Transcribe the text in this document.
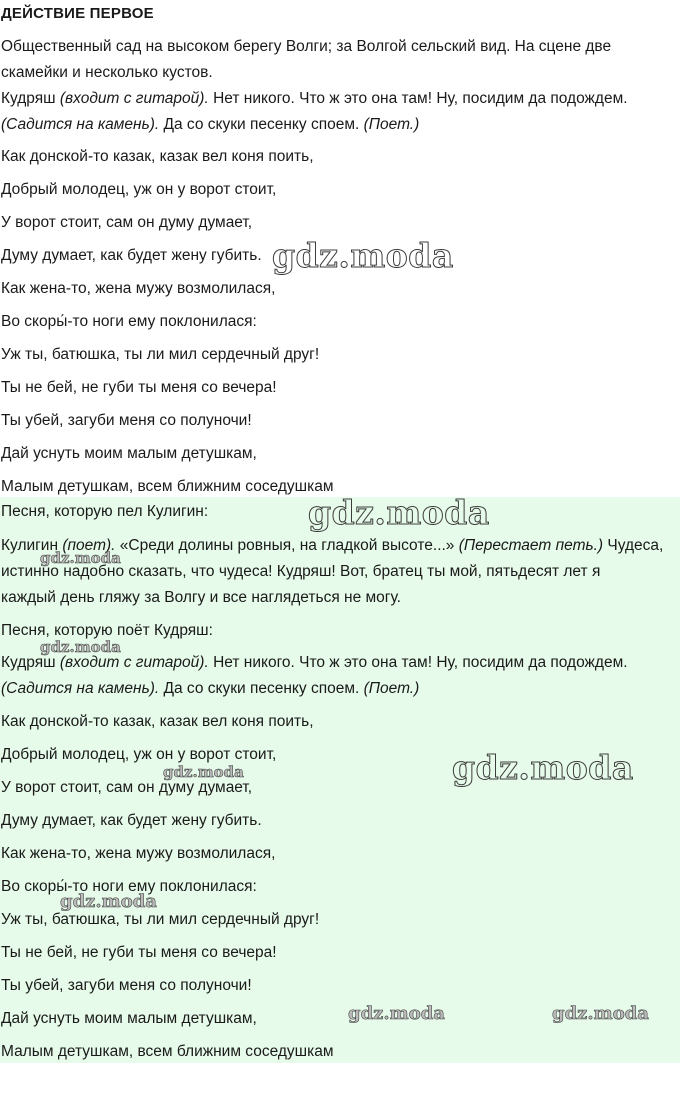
ДЕЙСТВИЕ ПЕРВОЕ
Общественный сад на высоком берегу Волги; за Волгой сельский вид. На сцене две
скамейки и несколько кустов.
Кудряш (входит с гитарой). Нет никого. Что ж это она там! Ну, посидим да подождем.
(Садится на камень). Да со скуки песенку споем. (Поет.)
Как донской-то казак, казак вел коня поить,
Добрый молодец, уж он у ворот стоит,
У ворот стоит, сам он думу думает,
Думу думает, как будет жену губить.
Как жена-то, жена мужу возмолилася,
Во скоры́-то ноги ему поклонилася:
Уж ты, батюшка, ты ли мил сердечный друг!
Ты не бей, не губи ты меня со вечера!
Ты убей, загуби меня со полуночи!
Дай уснуть моим малым детушкам,
Малым детушкам, всем ближним соседушкам
Песня, которую пел Кулигин:
Кулигин (поет). «Среди долины ровныя, на гладкой высоте...» (Перестает петь.) Чудеса,
истинно надобно сказать, что чудеса! Кудряш! Вот, братец ты мой, пятьдесят лет я
каждый день гляжу за Волгу и все наглядеться не могу.
Песня, которую поёт Кудряш:
Кудряш (входит с гитарой). Нет никого. Что ж это она там! Ну, посидим да подождем.
(Садится на камень). Да со скуки песенку споем. (Поет.)
Как донской-то казак, казак вел коня поить,
Добрый молодец, уж он у ворот стоит,
У ворот стоит, сам он думу думает,
Думу думает, как будет жену губить.
Как жена-то, жена мужу возмолилася,
Во скоры́-то ноги ему поклонилася:
Уж ты, батюшка, ты ли мил сердечный друг!
Ты не бей, не губи ты меня со вечера!
Ты убей, загуби меня со полуночи!
Дай уснуть моим малым детушкам,
Малым детушкам, всем ближним соседушкам
gdz.moda
gdz.moda
gdz.moda
gdz.moda
gdz.moda
gdz.moda
gdz.moda
gdz.moda	gdz.moda
